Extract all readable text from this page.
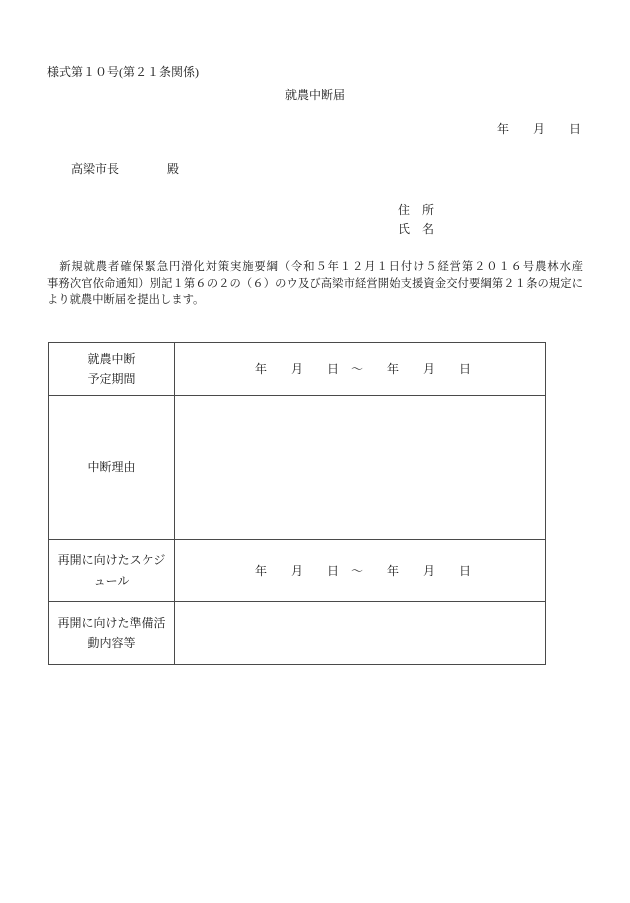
様式第１０号(第２１条関係)
就農中断届
年　　月　　日
高梁市長　　　　殿
住　所
氏　名
　新規就農者確保緊急円滑化対策実施要綱（令和５年１２月１日付け５経営第２０１６号農林水産
事務次官依命通知）別記１第６の２の（６）のウ及び高梁市経営開始支援資金交付要綱第２１条の規定に
より就農中断届を提出します。
就農中断
予定期間	年　　月　　日　～　　年　　月　　日

中断理由	

再開に向けたスケジ
ュール	年　　月　　日　～　　年　　月　　日

再開に向けた準備活
動内容等	
